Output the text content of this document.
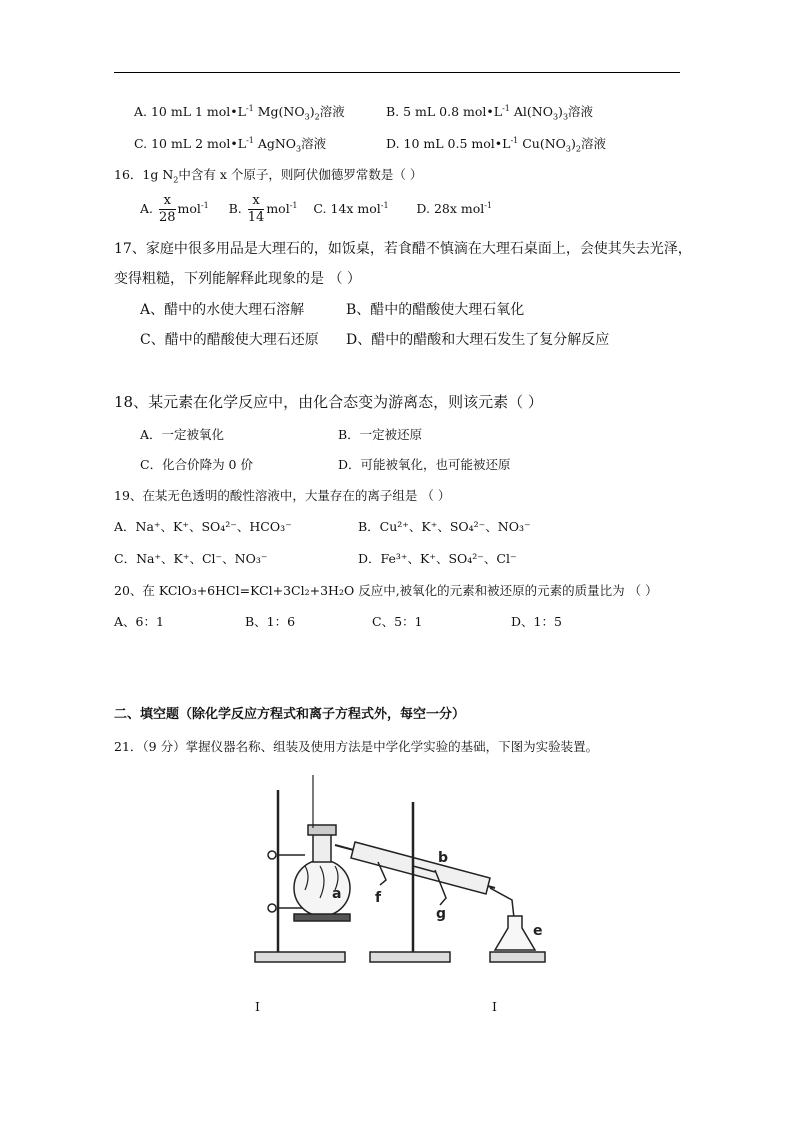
A. 10 mL 1 $mol•L^{-1}$ $Mg(NO_3)_2$溶液	B. 5 mL 0.8 $mol•L^{-1}$ $Al(NO_3)_3$溶液
C. 10 mL 2 $mol•L^{-1}$ AgNO$_3$溶液	D. 10 mL 0.5 $mol•L^{-1}$ $Cu(NO_3)_2$溶液
16．1g $N_2$中含有 x 个原子，则阿伏伽德罗常数是（ ）
A. $\frac{x}{28} mol^{-1}$ B. $\frac{x}{14} mol^{-1}$ C. 14x mol$^{-1}$ D. 28x mol$^{-1}$
17、家庭中很多用品是大理石的，如饭桌，若食醋不慎滴在大理石桌面上，会使其失去光泽，
变得粗糙，下列能解释此现象的是 （ ）
A、醋中的水使大理石溶解	B、醋中的醋酸使大理石氧化
C、醋中的醋酸使大理石还原 D、醋中的醋酸和大理石发生了复分解反应
18、某元素在化学反应中，由化合态变为游离态，则该元素（ ）
A．一定被氧化	B．一定被还原
C．化合价降为 0 价	D．可能被氧化，也可能被还原
19、在某无色透明的酸性溶液中，大量存在的离子组是 （ ）
A．Na⁺、K⁺、SO₄²⁻、HCO₃⁻	B．Cu²⁺、K⁺、SO₄²⁻、NO₃⁻
C．Na⁺、K⁺、Cl⁻、NO₃⁻	D．Fe³⁺、K⁺、SO₄²⁻、Cl⁻
20、在 KClO₃+6HCl=KCl+3Cl₂+3H₂O 反应中,被氧化的元素和被还原的元素的质量比为 （ ）
A、6：1	B、1：6	C、5：1	D、1：5
二、填空题（除化学反应方程式和离子方程式外，每空一分）
21．（9 分）掌握仪器名称、组装及使用方法是中学化学实验的基础，下图为实验装置。
a
b
f
g
e
I	I
